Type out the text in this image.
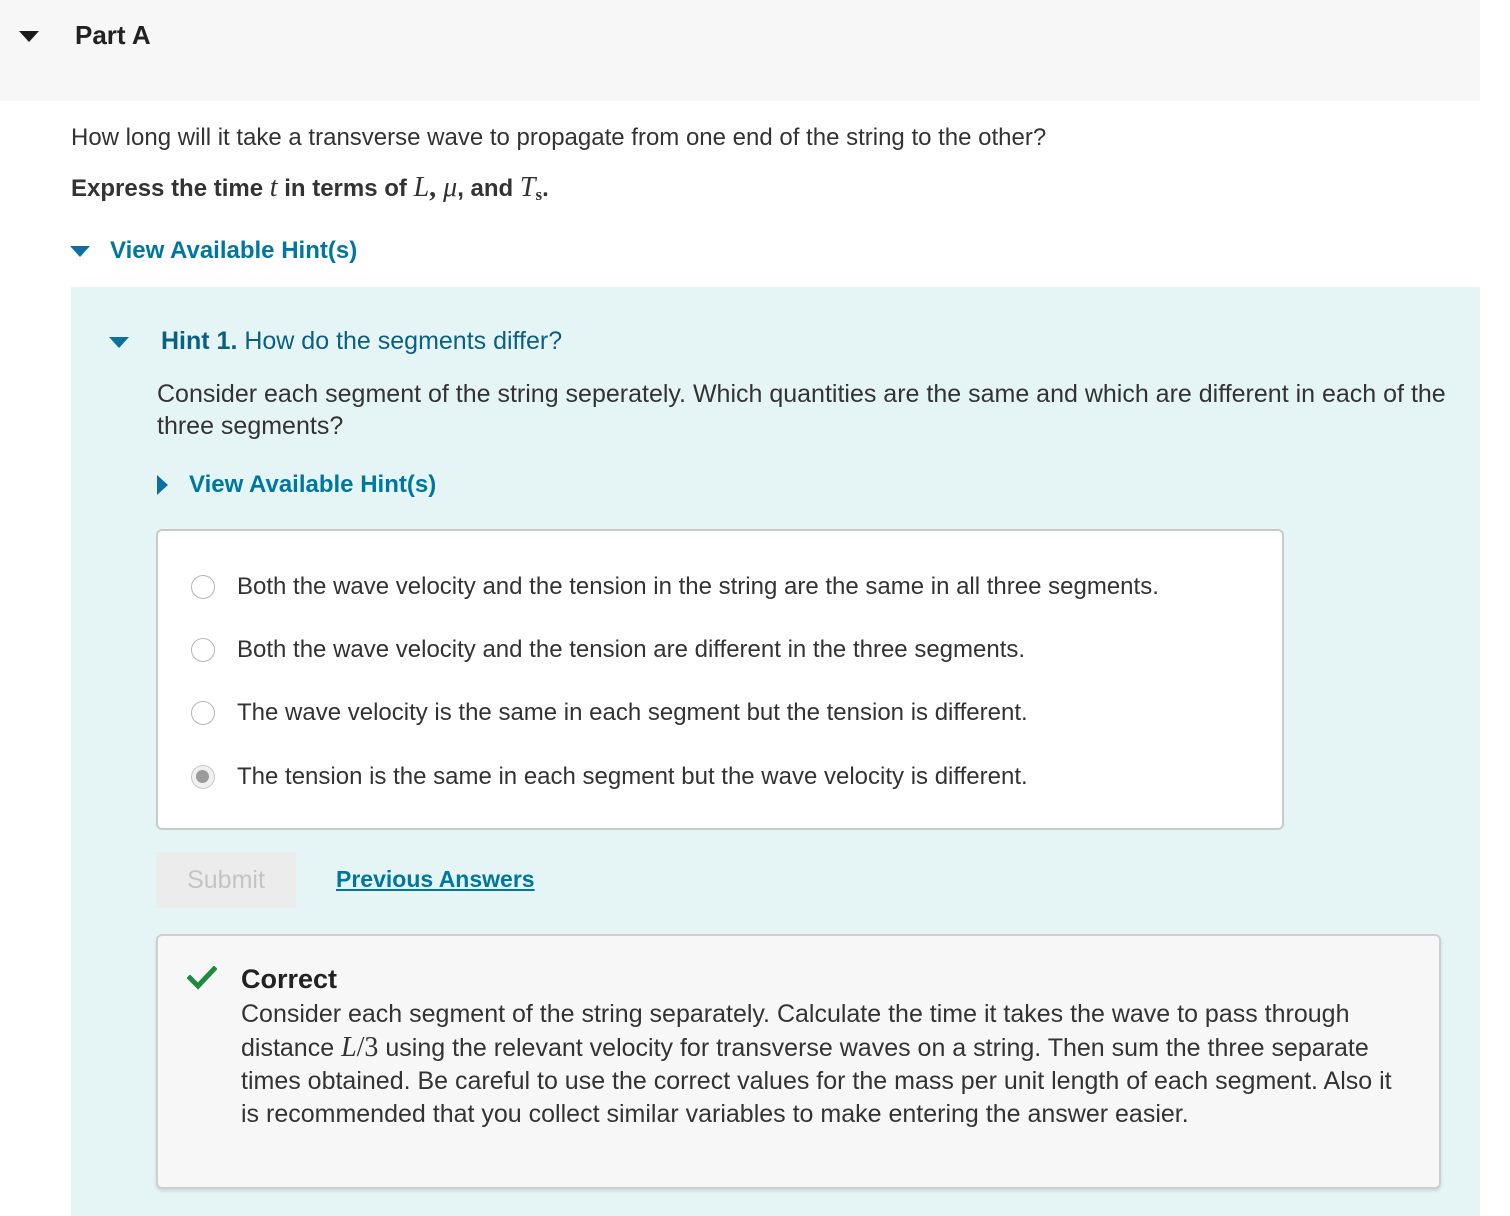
Part A
How long will it take a transverse wave to propagate from one end of the string to the other?
Express the time t in terms of L, μ, and $T_s$.
View Available Hint(s)
Hint 1. How do the segments differ?
Consider each segment of the string seperately. Which quantities are the same and which are different in each of the three segments?
View Available Hint(s)
Both the wave velocity and the tension in the string are the same in all three segments.
Both the wave velocity and the tension are different in the three segments.
The wave velocity is the same in each segment but the tension is different.
The tension is the same in each segment but the wave velocity is different.
Submit	Previous Answers
Correct
Consider each segment of the string separately. Calculate the time it takes the wave to pass through distance L/3 using the relevant velocity for transverse waves on a string. Then sum the three separate times obtained. Be careful to use the correct values for the mass per unit length of each segment. Also it is recommended that you collect similar variables to make entering the answer easier.
